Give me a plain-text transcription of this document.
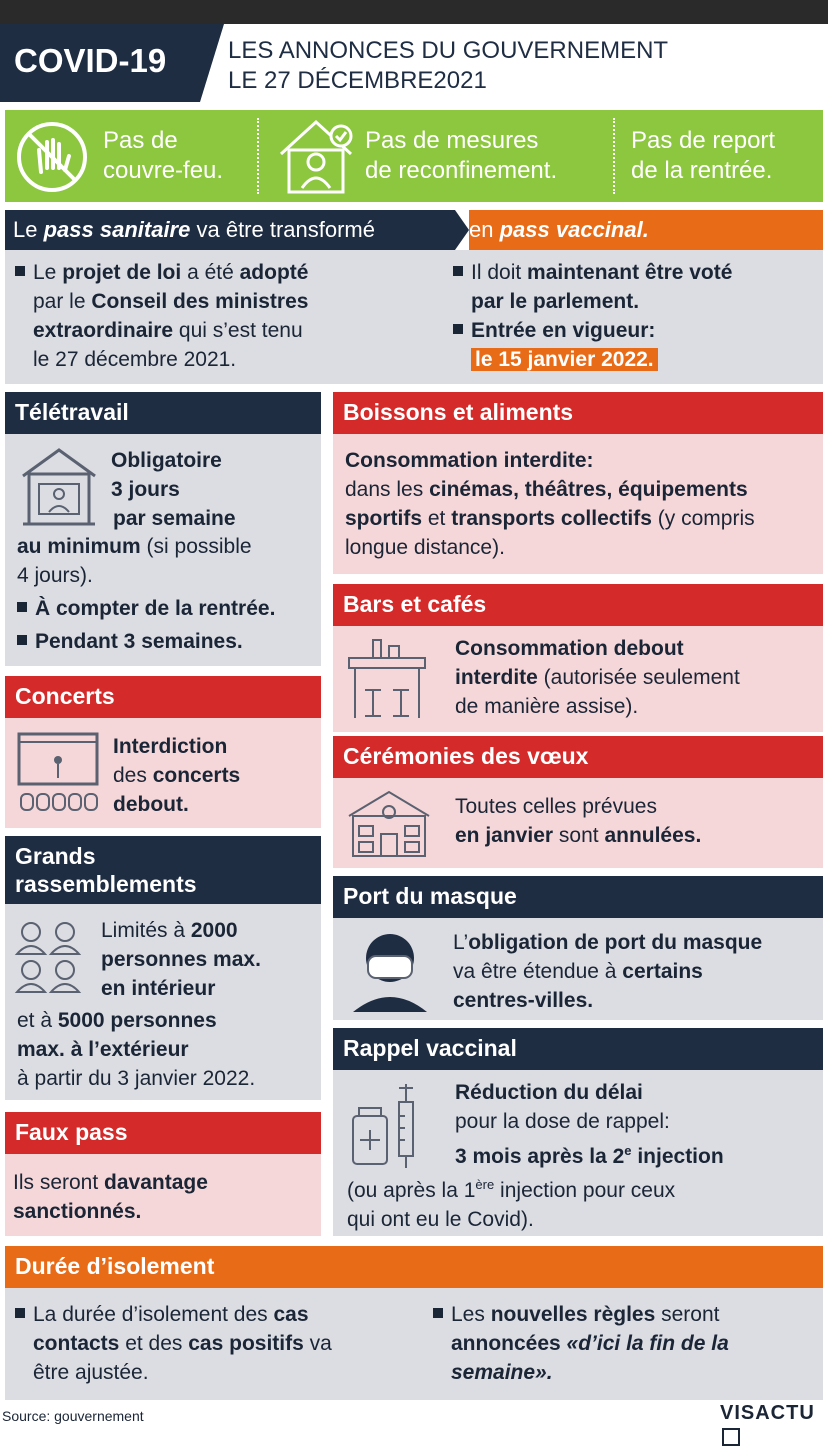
COVID-19	LES ANNONCES DU GOUVERNEMENT
LE 27 DÉCEMBRE2021
Pas de
couvre-feu.
Pas de mesures
de reconfinement.
Pas de report
de la rentrée.
Le pass sanitaire va être transformé	en pass vaccinal.
Le projet de loi a été adopté
par le Conseil des ministres
extraordinaire qui s’est tenu
le 27 décembre 2021.
Il doit maintenant être voté
par le parlement.
Entrée en vigueur:
le 15 janvier 2022.
Télétravail
Obligatoire
3 jours
par semaine
au minimum (si possible
4 jours).
À compter de la rentrée.
Pendant 3 semaines.
Concerts
Interdiction
des concerts
debout.
Grands
rassemblements
Limités à 2000
personnes max.
en intérieur
et à 5000 personnes
max. à l’extérieur
à partir du 3 janvier 2022.
Faux pass
Ils seront davantage
sanctionnés.
Boissons et aliments
Consommation interdite:
dans les cinémas, théâtres, équipements
sportifs et transports collectifs (y compris
longue distance).
Bars et cafés
Consommation debout
interdite (autorisée seulement
de manière assise).
Cérémonies des vœux
Toutes celles prévues
en janvier sont annulées.
Port du masque
L’obligation de port du masque
va être étendue à certains
centres-villes.
Rappel vaccinal
Réduction du délai
pour la dose de rappel:
3 mois après la 2e injection
(ou après la 1ère injection pour ceux
qui ont eu le Covid).
Durée d’isolement
La durée d’isolement des cas
contacts et des cas positifs va
être ajustée.
Les nouvelles règles seront
annoncées «d’ici la fin de la
semaine».
Source: gouvernement	VISACTU
